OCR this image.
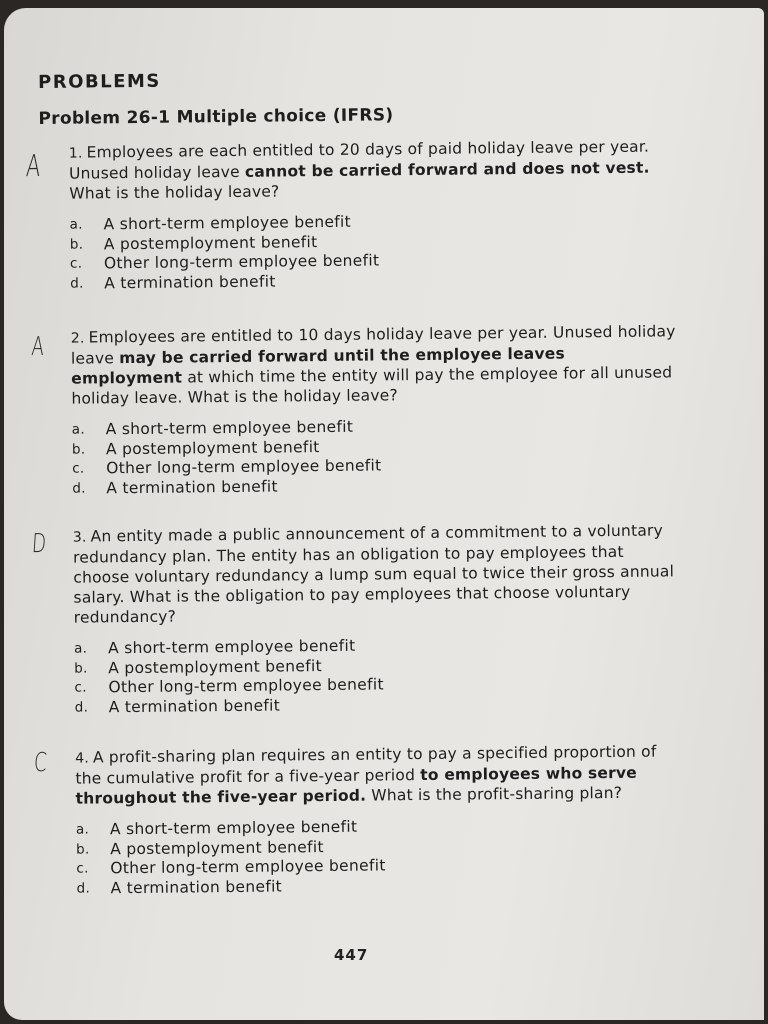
PROBLEMS
Problem 26-1 Multiple choice (IFRS)
A 1. Employees are each entitled to 20 days of paid holiday leave per year. Unused holiday leave cannot be carried forward and does not vest. What is the holiday leave?
a.	A short-term employee benefit
b.	A postemployment benefit
c.	Other long-term employee benefit
d.	A termination benefit
A 2. Employees are entitled to 10 days holiday leave per year. Unused holiday leave may be carried forward until the employee leaves employment at which time the entity will pay the employee for all unused holiday leave. What is the holiday leave?
a.	A short-term employee benefit
b.	A postemployment benefit
c.	Other long-term employee benefit
d.	A termination benefit
D 3. An entity made a public announcement of a commitment to a voluntary redundancy plan. The entity has an obligation to pay employees that choose voluntary redundancy a lump sum equal to twice their gross annual salary. What is the obligation to pay employees that choose voluntary redundancy?
a.	A short-term employee benefit
b.	A postemployment benefit
c.	Other long-term employee benefit
d.	A termination benefit
C 4. A profit-sharing plan requires an entity to pay a specified proportion of the cumulative profit for a five-year period to employees who serve throughout the five-year period. What is the profit-sharing plan?
a.	A short-term employee benefit
b.	A postemployment benefit
c.	Other long-term employee benefit
d.	A termination benefit
447
